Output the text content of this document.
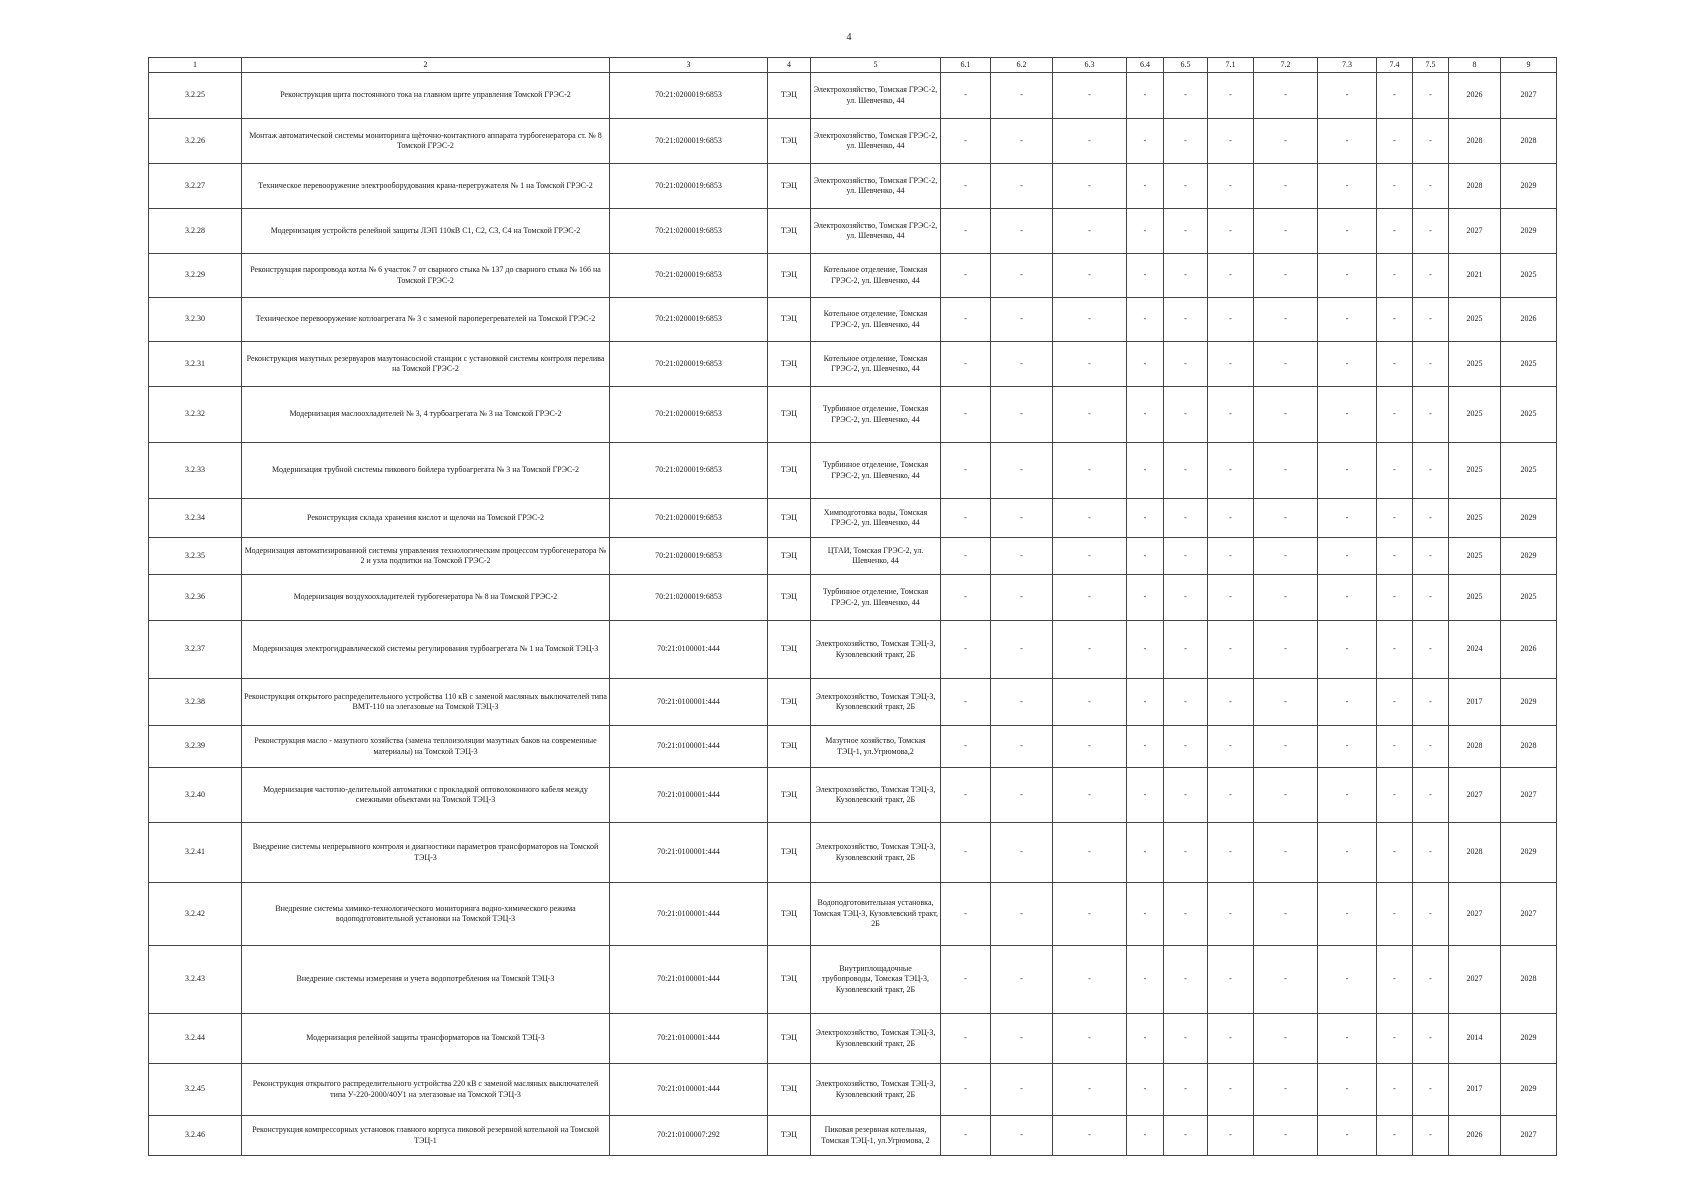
4
1	2	3	4	5	6.1	6.2	6.3	6.4	6.5	7.1	7.2	7.3	7.4	7.5	8	9
3.2.25	Реконструкция щита постоянного тока на главном щите управления Томской ГРЭС-2	70:21:0200019:6853	ТЭЦ	Электрохозяйство, Томская ГРЭС-2, ул. Шевченко, 44	-	-	-	-	-	-	-	-	-	-	2026	2027
3.2.26	Монтаж автоматической системы мониторинга щёточно-контактного аппарата турбогенератора ст. № 8 Томской ГРЭС-2	70:21:0200019:6853	ТЭЦ	Электрохозяйство, Томская ГРЭС-2, ул. Шевченко, 44	-	-	-	-	-	-	-	-	-	-	2028	2028
3.2.27	Техническое перевооружение электрооборудования крана-перегружателя № 1 на Томской ГРЭС-2	70:21:0200019:6853	ТЭЦ	Электрохозяйство, Томская ГРЭС-2, ул. Шевченко, 44	-	-	-	-	-	-	-	-	-	-	2028	2029
3.2.28	Модернизация устройств релейной защиты ЛЭП 110кВ С1, С2, С3, С4 на Томской ГРЭС-2	70:21:0200019:6853	ТЭЦ	Электрохозяйство, Томская ГРЭС-2, ул. Шевченко, 44	-	-	-	-	-	-	-	-	-	-	2027	2029
3.2.29	Реконструкция паропровода котла № 6 участок 7 от сварного стыка № 137 до сварного стыка № 166 на Томской ГРЭС-2	70:21:0200019:6853	ТЭЦ	Котельное отделение, Томская ГРЭС-2, ул. Шевченко, 44	-	-	-	-	-	-	-	-	-	-	2021	2025
3.2.30	Техническое перевооружение котлоагрегата № 3 с заменой пароперегревателей на Томской ГРЭС-2	70:21:0200019:6853	ТЭЦ	Котельное отделение, Томская ГРЭС-2, ул. Шевченко, 44	-	-	-	-	-	-	-	-	-	-	2025	2026
3.2.31	Реконструкция мазутных резервуаров мазутонасосной станции с установкой системы контроля перелива на Томской ГРЭС-2	70:21:0200019:6853	ТЭЦ	Котельное отделение, Томская ГРЭС-2, ул. Шевченко, 44	-	-	-	-	-	-	-	-	-	-	2025	2025
3.2.32	Модернизация маслоохладителей № 3, 4 турбоагрегата № 3 на Томской ГРЭС-2	70:21:0200019:6853	ТЭЦ	Турбинное отделение, Томская ГРЭС-2, ул. Шевченко, 44	-	-	-	-	-	-	-	-	-	-	2025	2025
3.2.33	Модернизация трубной системы пикового бойлера турбоагрегата № 3 на Томской ГРЭС-2	70:21:0200019:6853	ТЭЦ	Турбинное отделение, Томская ГРЭС-2, ул. Шевченко, 44	-	-	-	-	-	-	-	-	-	-	2025	2025
3.2.34	Реконструкция склада хранения кислот и щелочи на Томской ГРЭС-2	70:21:0200019:6853	ТЭЦ	Химподготовка воды, Томская ГРЭС-2, ул. Шевченко, 44	-	-	-	-	-	-	-	-	-	-	2025	2029
3.2.35	Модернизация автоматизированной системы управления технологическим процессом турбогенератора № 2 и узла подпитки на Томской ГРЭС-2	70:21:0200019:6853	ТЭЦ	ЦТАИ, Томская ГРЭС-2, ул. Шевченко, 44	-	-	-	-	-	-	-	-	-	-	2025	2029
3.2.36	Модернизация воздухоохладителей турбогенератора № 8 на Томской ГРЭС-2	70:21:0200019:6853	ТЭЦ	Турбинное отделение, Томская ГРЭС-2, ул. Шевченко, 44	-	-	-	-	-	-	-	-	-	-	2025	2025
3.2.37	Модернизация электрогидравлической системы регулирования турбоагрегата № 1 на Томской ТЭЦ-3	70:21:0100001:444	ТЭЦ	Электрохозяйство, Томская ТЭЦ-3, Кузовлевский тракт, 2Б	-	-	-	-	-	-	-	-	-	-	2024	2026
3.2.38	Реконструкция открытого распределительного устройства 110 кВ с заменой масляных выключателей типа ВМТ-110 на элегазовые на Томской ТЭЦ-3	70:21:0100001:444	ТЭЦ	Электрохозяйство, Томская ТЭЦ-3, Кузовлевский тракт, 2Б	-	-	-	-	-	-	-	-	-	-	2017	2029
3.2.39	Реконструкция масло - мазутного хозяйства (замена теплоизоляции мазутных баков на современные материалы) на Томской ТЭЦ-3	70:21:0100001:444	ТЭЦ	Мазутное хозяйство, Томская ТЭЦ-1, ул.Угрюмова,2	-	-	-	-	-	-	-	-	-	-	2028	2028
3.2.40	Модернизация частотно-делительной автоматики с прокладкой оптоволоконного кабеля между смежными объектами на Томской ТЭЦ-3	70:21:0100001:444	ТЭЦ	Электрохозяйство, Томская ТЭЦ-3, Кузовлевский тракт, 2Б	-	-	-	-	-	-	-	-	-	-	2027	2027
3.2.41	Внедрение системы непрерывного контроля и диагностики параметров трансформаторов на Томской ТЭЦ-3	70:21:0100001:444	ТЭЦ	Электрохозяйство, Томская ТЭЦ-3, Кузовлевский тракт, 2Б	-	-	-	-	-	-	-	-	-	-	2028	2029
3.2.42	Внедрение системы химико-технологического мониторинга водно-химического режима водоподготовительной установки на Томской ТЭЦ-3	70:21:0100001:444	ТЭЦ	Водоподготовительная установка, Томская ТЭЦ-3, Кузовлевский тракт, 2Б	-	-	-	-	-	-	-	-	-	-	2027	2027
3.2.43	Внедрение системы измерения и учета водопотребления на Томской ТЭЦ-3	70:21:0100001:444	ТЭЦ	Внутриплощадочные трубопроводы, Томская ТЭЦ-3, Кузовлевский тракт, 2Б	-	-	-	-	-	-	-	-	-	-	2027	2028
3.2.44	Модернизация релейной защиты трансформаторов на Томской ТЭЦ-3	70:21:0100001:444	ТЭЦ	Электрохозяйство, Томская ТЭЦ-3, Кузовлевский тракт, 2Б	-	-	-	-	-	-	-	-	-	-	2014	2029
3.2.45	Реконструкция открытого распределительного устройства 220 кВ с заменой масляных выключателей типа У-220-2000/40У1 на элегазовые на Томской ТЭЦ-3	70:21:0100001:444	ТЭЦ	Электрохозяйство, Томская ТЭЦ-3, Кузовлевский тракт, 2Б	-	-	-	-	-	-	-	-	-	-	2017	2029
3.2.46	Реконструкция компрессорных установок главного корпуса пиковой резервной котельной на Томской ТЭЦ-1	70:21:0100007:292	ТЭЦ	Пиковая резервная котельная, Томская ТЭЦ-1, ул.Угрюмова, 2	-	-	-	-	-	-	-	-	-	-	2026	2027
